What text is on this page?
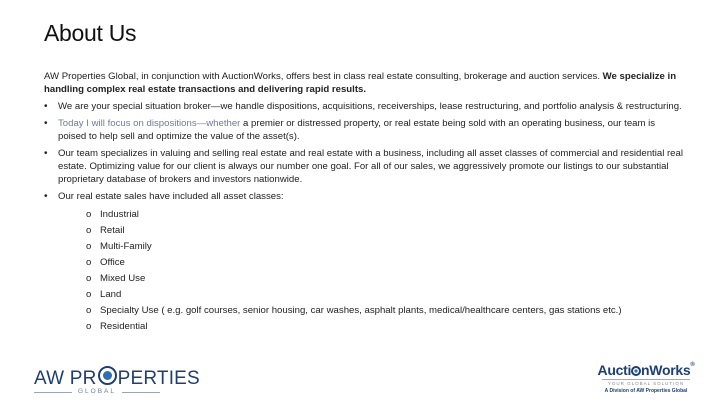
About Us

AW Properties Global, in conjunction with AuctionWorks, offers best in class real estate consulting, brokerage and auction services. We specialize in handling complex real estate transactions and delivering rapid results.

• We are your special situation broker—we handle dispositions, acquisitions, receiverships, lease restructuring, and portfolio analysis & restructuring.
• Today I will focus on dispositions—whether a premier or distressed property, or real estate being sold with an operating business, our team is poised to help sell and optimize the value of the asset(s).
• Our team specializes in valuing and selling real estate and real estate with a business, including all asset classes of commercial and residential real estate. Optimizing value for our client is always our number one goal. For all of our sales, we aggressively promote our listings to our substantial proprietary database of brokers and investors nationwide.
• Our real estate sales have included all asset classes:
o Industrial
o Retail
o Multi-Family
o Office
o Mixed Use
o Land
o Specialty Use ( e.g. golf courses, senior housing, car washes, asphalt plants, medical/healthcare centers, gas stations etc.)
o Residential
AW PR PERTIES
GLOBAL
Aucti nWorks®
YOUR GLOBAL SOLUTION
A Division of AW Properties Global
